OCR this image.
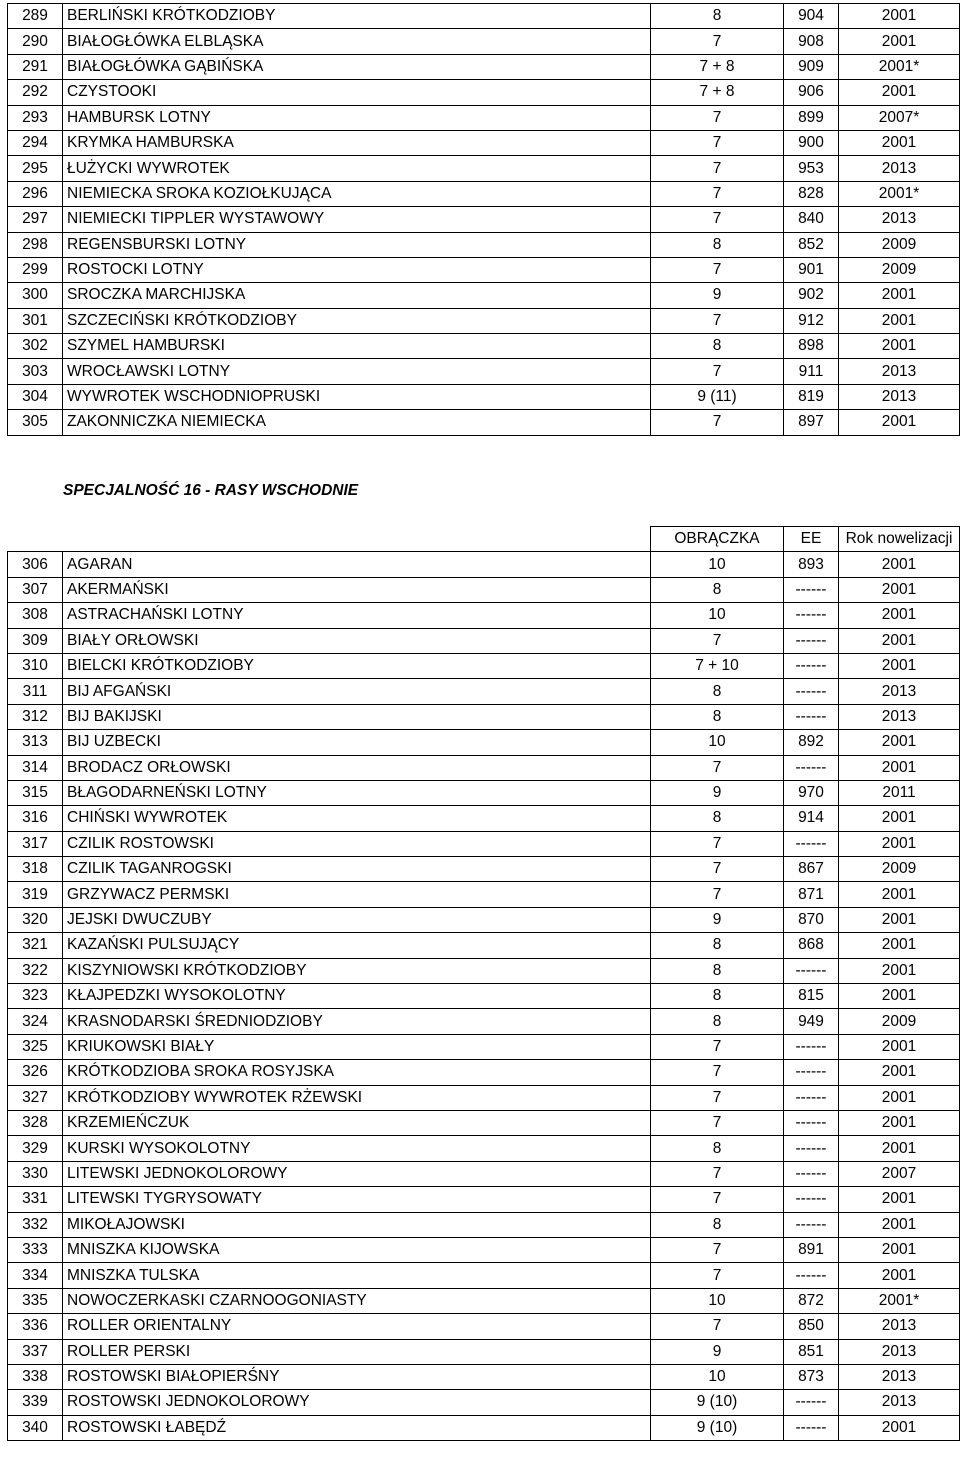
289	BERLIŃSKI KRÓTKODZIOBY	8	904	2001
290	BIAŁOGŁÓWKA ELBLĄSKA	7	908	2001
291	BIAŁOGŁÓWKA GĄBIŃSKA	7 + 8	909	2001*
292	CZYSTOOKI	7 + 8	906	2001
293	HAMBURSK LOTNY	7	899	2007*
294	KRYMKA HAMBURSKA	7	900	2001
295	ŁUŻYCKI WYWROTEK	7	953	2013
296	NIEMIECKA SROKA KOZIOŁKUJĄCA	7	828	2001*
297	NIEMIECKI TIPPLER WYSTAWOWY	7	840	2013
298	REGENSBURSKI LOTNY	8	852	2009
299	ROSTOCKI LOTNY	7	901	2009
300	SROCZKA MARCHIJSKA	9	902	2001
301	SZCZECIŃSKI KRÓTKODZIOBY	7	912	2001
302	SZYMEL HAMBURSKI	8	898	2001
303	WROCŁAWSKI LOTNY	7	911	2013
304	WYWROTEK WSCHODNIOPRUSKI	9 (11)	819	2013
305	ZAKONNICZKA NIEMIECKA	7	897	2001
SPECJALNOŚĆ 16 - RASY WSCHODNIE
		OBRĄCZKA	EE	Rok nowelizacji
306	AGARAN	10	893	2001
307	AKERMAŃSKI	8	------	2001
308	ASTRACHAŃSKI LOTNY	10	------	2001
309	BIAŁY ORŁOWSKI	7	------	2001
310	BIELCKI KRÓTKODZIOBY	7 + 10	------	2001
311	BIJ AFGAŃSKI	8	------	2013
312	BIJ BAKIJSKI	8	------	2013
313	BIJ UZBECKI	10	892	2001
314	BRODACZ ORŁOWSKI	7	------	2001
315	BŁAGODARNEŃSKI LOTNY	9	970	2011
316	CHIŃSKI WYWROTEK	8	914	2001
317	CZILIK ROSTOWSKI	7	------	2001
318	CZILIK TAGANROGSKI	7	867	2009
319	GRZYWACZ PERMSKI	7	871	2001
320	JEJSKI DWUCZUBY	9	870	2001
321	KAZAŃSKI PULSUJĄCY	8	868	2001
322	KISZYNIOWSKI KRÓTKODZIOBY	8	------	2001
323	KŁAJPEDZKI WYSOKOLOTNY	8	815	2001
324	KRASNODARSKI ŚREDNIODZIOBY	8	949	2009
325	KRIUKOWSKI BIAŁY	7	------	2001
326	KRÓTKODZIOBA SROKA ROSYJSKA	7	------	2001
327	KRÓTKODZIOBY WYWROTEK RŻEWSKI	7	------	2001
328	KRZEMIEŃCZUK	7	------	2001
329	KURSKI WYSOKOLOTNY	8	------	2001
330	LITEWSKI JEDNOKOLOROWY	7	------	2007
331	LITEWSKI TYGRYSOWATY	7	------	2001
332	MIKOŁAJOWSKI	8	------	2001
333	MNISZKA KIJOWSKA	7	891	2001
334	MNISZKA TULSKA	7	------	2001
335	NOWOCZERKASKI CZARNOOGONIASTY	10	872	2001*
336	ROLLER ORIENTALNY	7	850	2013
337	ROLLER PERSKI	9	851	2013
338	ROSTOWSKI BIAŁOPIERŚNY	10	873	2013
339	ROSTOWSKI JEDNOKOLOROWY	9 (10)	------	2013
340	ROSTOWSKI ŁABĘDŹ	9 (10)	------	2001
